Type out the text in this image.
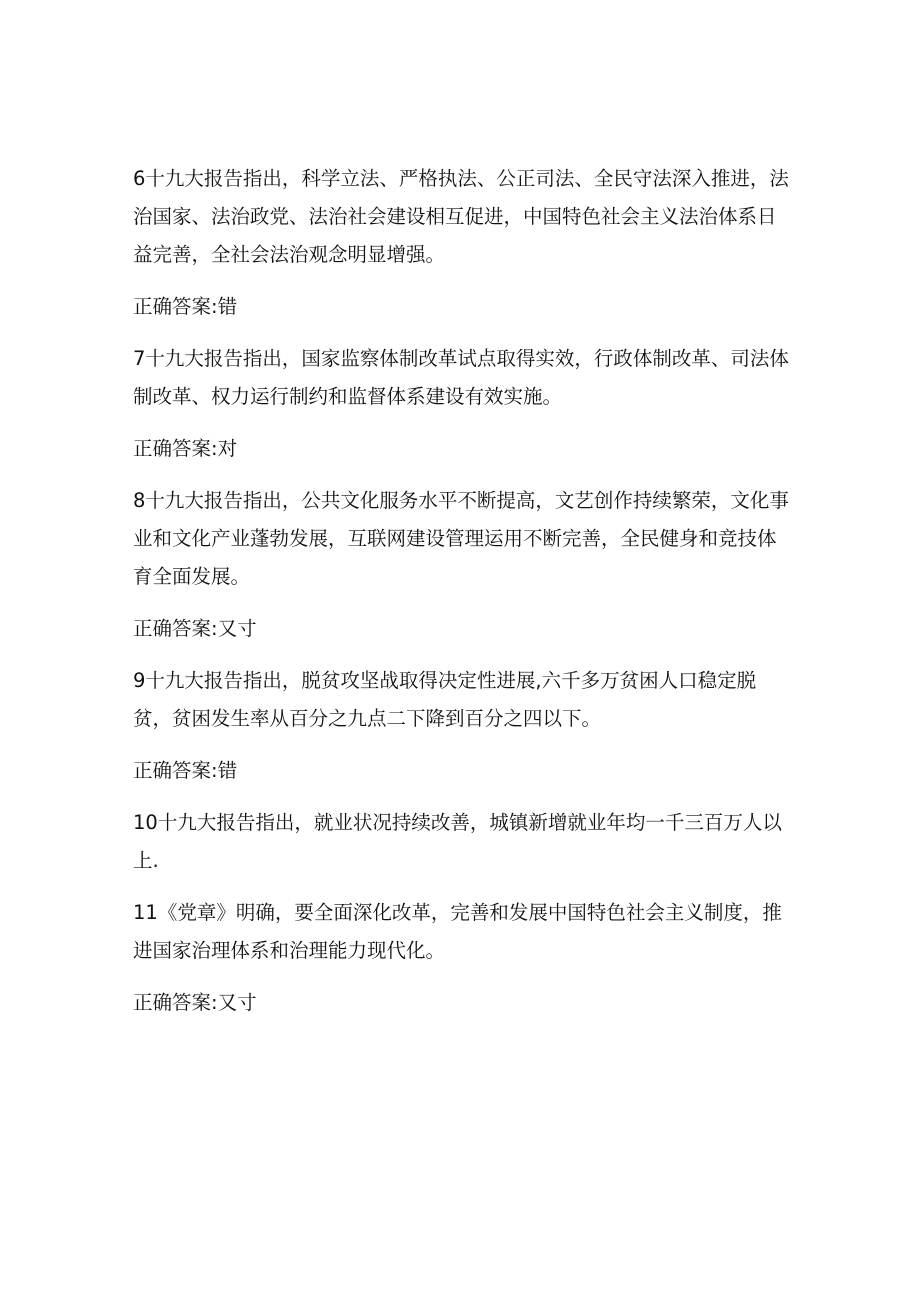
6十九大报告指出，科学立法、严格执法、公正司法、全民守法深入推进，法治国家、法治政党、法治社会建设相互促进，中国特色社会主义法治体系日益完善，全社会法治观念明显增强。

正确答案:错

7十九大报告指出，国家监察体制改革试点取得实效，行政体制改革、司法体制改革、权力运行制约和监督体系建设有效实施。

正确答案:对

8十九大报告指出，公共文化服务水平不断提高，文艺创作持续繁荣，文化事业和文化产业蓬勃发展，互联网建设管理运用不断完善，全民健身和竞技体育全面发展。

正确答案:又寸

9十九大报告指出，脱贫攻坚战取得决定性进展,六千多万贫困人口稳定脱贫，贫困发生率从百分之九点二下降到百分之四以下。

正确答案:错

10十九大报告指出，就业状况持续改善，城镇新增就业年均一千三百万人以上.

11《党章》明确，要全面深化改革，完善和发展中国特色社会主义制度，推进国家治理体系和治理能力现代化。

正确答案:又寸
